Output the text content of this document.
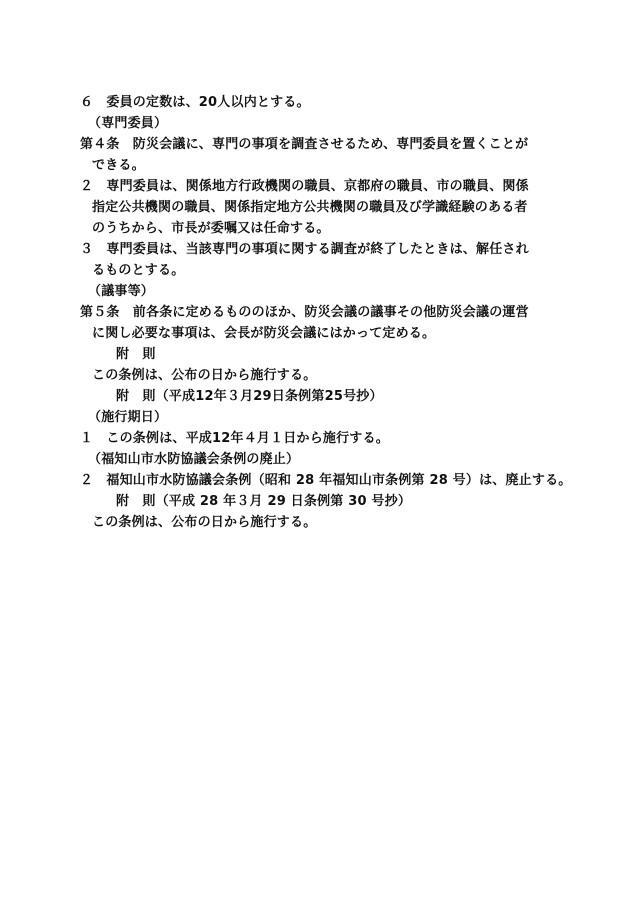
６　委員の定数は、20人以内とする。
（専門委員）
第４条　防災会議に、専門の事項を調査させるため、専門委員を置くことが
できる。
２　専門委員は、関係地方行政機関の職員、京都府の職員、市の職員、関係
指定公共機関の職員、関係指定地方公共機関の職員及び学識経験のある者
のうちから、市長が委嘱又は任命する。
３　専門委員は、当該専門の事項に関する調査が終了したときは、解任され
るものとする。
（議事等）
第５条　前各条に定めるもののほか、防災会議の議事その他防災会議の運営
に関し必要な事項は、会長が防災会議にはかって定める。
附　則
この条例は、公布の日から施行する。
附　則（平成12年３月29日条例第25号抄）
（施行期日）
１　この条例は、平成12年４月１日から施行する。
（福知山市水防協議会条例の廃止）
２　福知山市水防協議会条例（昭和 28 年福知山市条例第 28 号）は、廃止する。
附　則（平成 28 年３月 29 日条例第 30 号抄）
この条例は、公布の日から施行する。
